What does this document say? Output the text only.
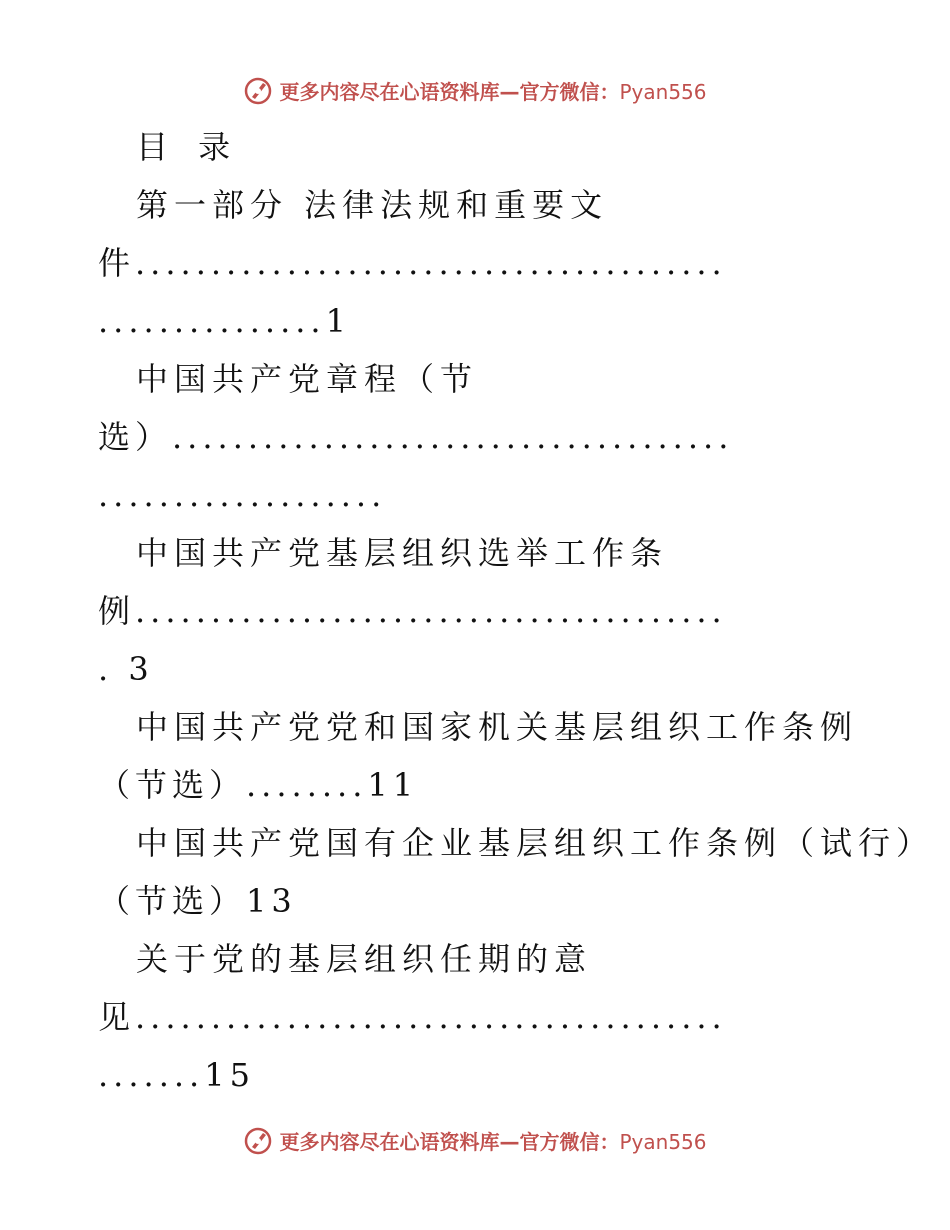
更多内容尽在心语资料库—官方微信：Pyan556
目 录
第一部分 法律法规和重要文
件.......................................
...............1
中国共产党章程（节
选）.....................................
...................
中国共产党基层组织选举工作条
例.......................................
. 3
中国共产党党和国家机关基层组织工作条例
（节选）........11
中国共产党国有企业基层组织工作条例（试行）
（节选）13
关于党的基层组织任期的意
见.......................................
.......15
更多内容尽在心语资料库—官方微信：Pyan556
